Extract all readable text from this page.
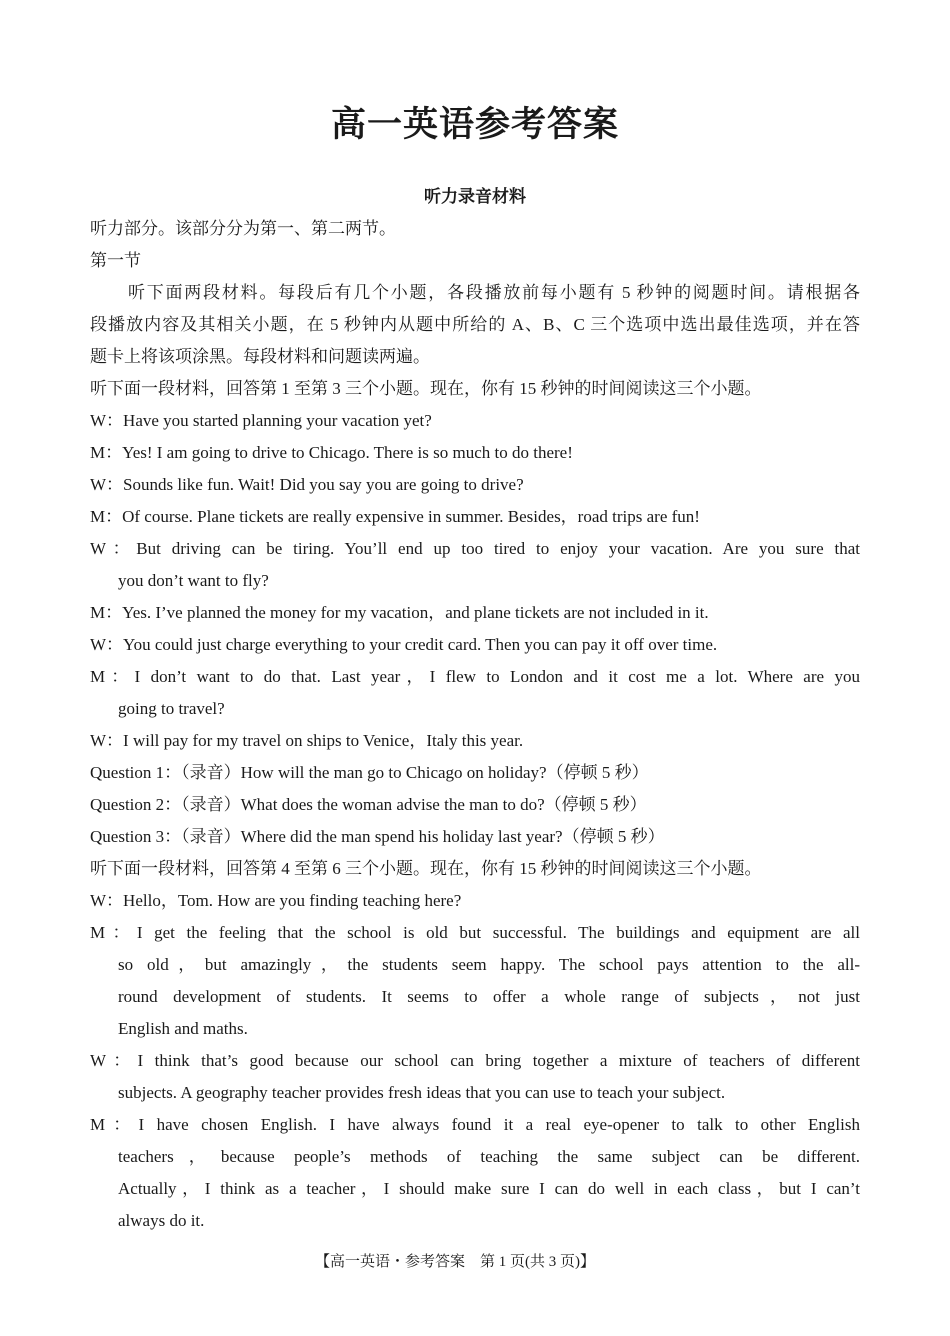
高一英语参考答案
听力录音材料
听力部分。该部分分为第一、第二两节。
第一节
听下面两段材料。每段后有几个小题，各段播放前每小题有 5 秒钟的阅题时间。请根据各
段播放内容及其相关小题，在 5 秒钟内从题中所给的 A、B、C 三个选项中选出最佳选项，并在答
题卡上将该项涂黑。每段材料和问题读两遍。
听下面一段材料，回答第 1 至第 3 三个小题。现在，你有 15 秒钟的时间阅读这三个小题。
W：Have you started planning your vacation yet?
M：Yes! I am going to drive to Chicago. There is so much to do there!
W：Sounds like fun. Wait! Did you say you are going to drive?
M：Of course. Plane tickets are really expensive in summer. Besides，road trips are fun!
W：But driving can be tiring. You’ll end up too tired to enjoy your vacation. Are you sure that
you don’t want to fly?
M：Yes. I’ve planned the money for my vacation，and plane tickets are not included in it.
W：You could just charge everything to your credit card. Then you can pay it off over time.
M：I don’t want to do that. Last year，I flew to London and it cost me a lot. Where are you
going to travel?
W：I will pay for my travel on ships to Venice，Italy this year.
Question 1：（录音）How will the man go to Chicago on holiday?（停顿 5 秒）
Question 2：（录音）What does the woman advise the man to do?（停顿 5 秒）
Question 3：（录音）Where did the man spend his holiday last year?（停顿 5 秒）
听下面一段材料，回答第 4 至第 6 三个小题。现在，你有 15 秒钟的时间阅读这三个小题。
W：Hello，Tom. How are you finding teaching here?
M：I get the feeling that the school is old but successful. The buildings and equipment are all
so old，but amazingly，the students seem happy. The school pays attention to the all-
round development of students. It seems to offer a whole range of subjects，not just
English and maths.
W：I think that’s good because our school can bring together a mixture of teachers of different
subjects. A geography teacher provides fresh ideas that you can use to teach your subject.
M：I have chosen English. I have always found it a real eye-opener to talk to other English
teachers，because people’s methods of teaching the same subject can be different.
Actually，I think as a teacher，I should make sure I can do well in each class，but I can’t
always do it.
【高一英语・参考答案　第 1 页(共 3 页)】
